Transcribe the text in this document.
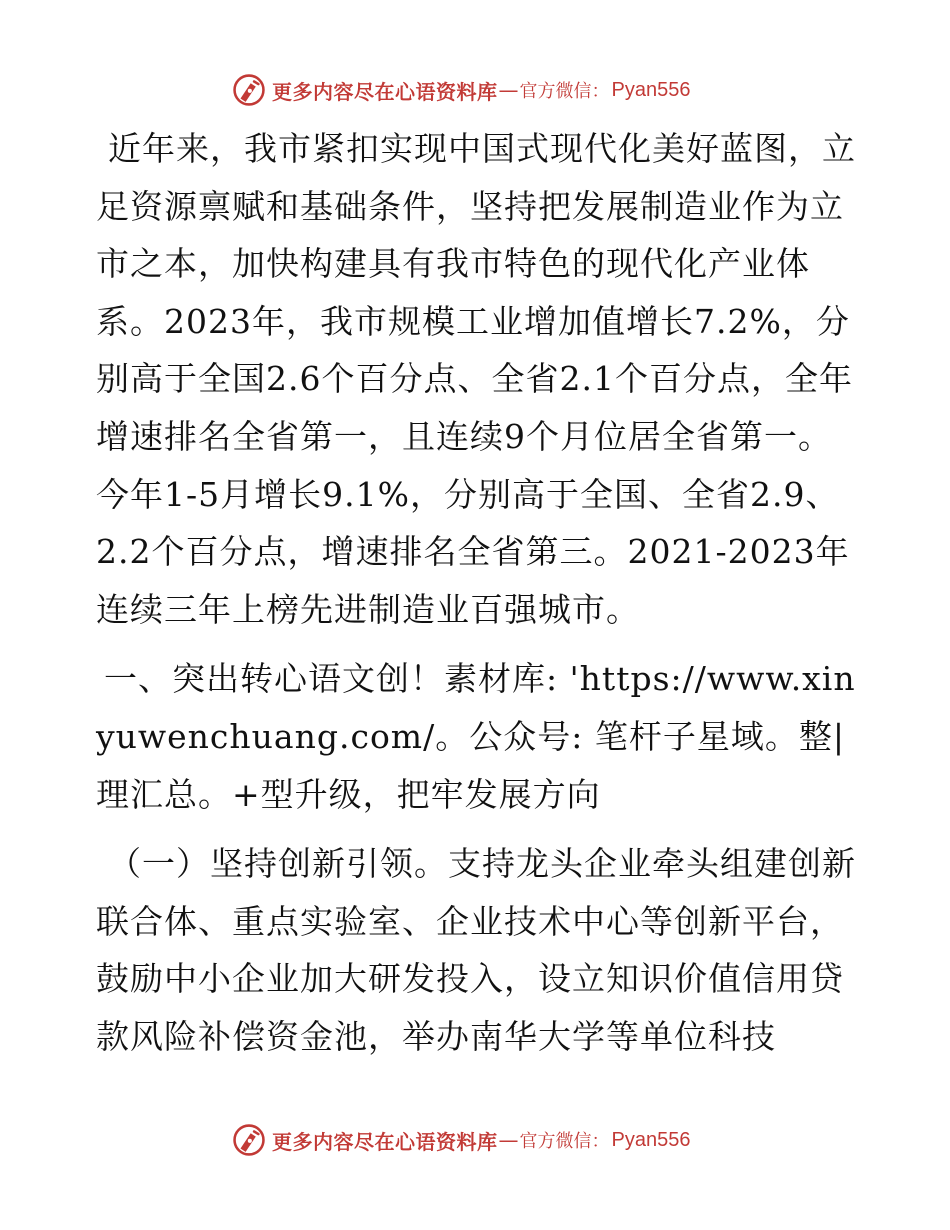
更多内容尽在心语资料库 — 官方微信： Pyan556

近年来，我市紧扣实现中国式现代化美好蓝图，立足资源禀赋和基础条件，坚持把发展制造业作为立市之本，加快构建具有我市特色的现代化产业体系。2023年，我市规模工业增加值增长7.2%，分别高于全国2.6个百分点、全省2.1个百分点，全年增速排名全省第一，且连续9个月位居全省第一。今年1-5月增长9.1%，分别高于全国、全省2.9、2.2个百分点，增速排名全省第三。2021-2023年连续三年上榜先进制造业百强城市。

一、突出转心语文创！素材库: 'https://www.xinyuwenchuang.com/。公众号: 笔杆子星域。整|理汇总。+型升级，把牢发展方向

（一）坚持创新引领。支持龙头企业牵头组建创新联合体、重点实验室、企业技术中心等创新平台，鼓励中小企业加大研发投入，设立知识价值信用贷款风险补偿资金池，举办南华大学等单位科技

更多内容尽在心语资料库 — 官方微信： Pyan556
